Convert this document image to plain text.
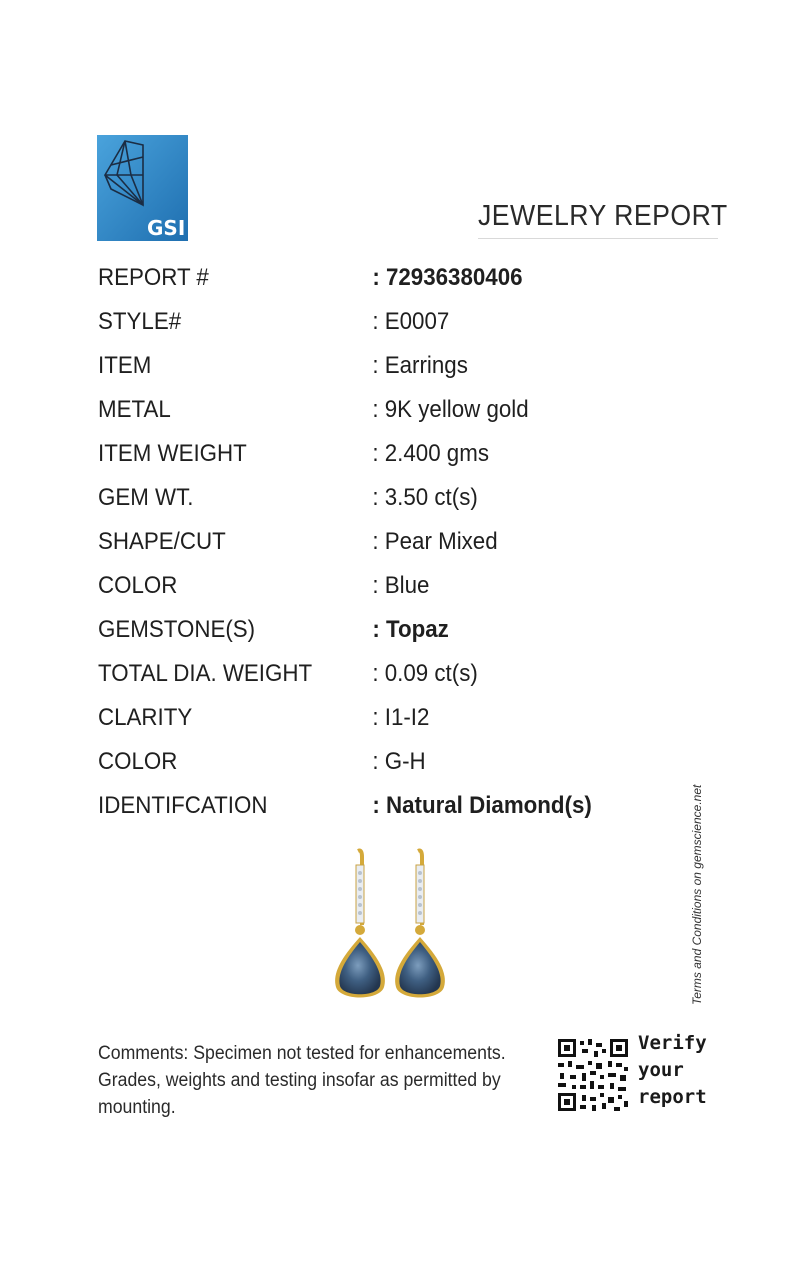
GSI	JEWELRY REPORT
REPORT #	: 72936380406
STYLE#	: E0007
ITEM	: Earrings
METAL	: 9K yellow gold
ITEM WEIGHT	: 2.400 gms
GEM WT.	: 3.50 ct(s)
SHAPE/CUT	: Pear Mixed
COLOR	: Blue
GEMSTONE(S)	: Topaz
TOTAL DIA. WEIGHT	: 0.09 ct(s)
CLARITY	: I1-I2
COLOR	: G-H
IDENTIFCATION	: Natural Diamond(s)	Terms and Conditions on gemscience.net
Comments: Specimen not tested for enhancements. Grades, weights and testing insofar as permitted by mounting.
Verify
your
report
